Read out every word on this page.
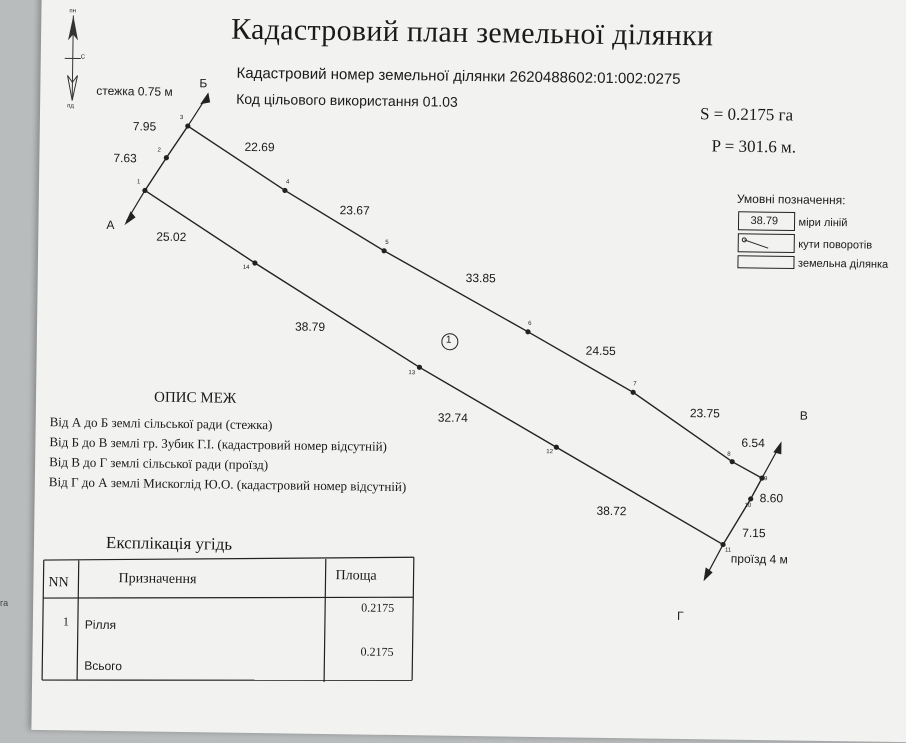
пн
С
пд
Кадастровий план земельної ділянки
Кадастровий номер земельної ділянки 2620488602:01:002:0275
Код цільового використання 01.03
S = 0.2175 га
P = 301.6 м.
Умовні позначення:
38.79 міри ліній
кути поворотів
земельна ділянка
стежка 0.75 м
проїзд 4 м
1
Б
А
В
Г
1
2
3
4
5
6
7
8
9
10
11
12
13
14
7.63
7.95
22.69
23.67
33.85
24.55
23.75
6.54
8.60
7.15
38.72
32.74
38.79
25.02
ОПИС МЕЖ
Від А до Б землі сільської ради (стежка)
Від Б до В землі гр. Зубик Г.І. (кадастровий номер відсутній)
Від В до Г землі сільської ради (проїзд)
Від Г до А землі Мискоглід Ю.О. (кадастровий номер відсутній)
Експлікація угідь
NN	Призначення	Площа
1 Рілля
0.2175
Всього
0.2175
га
